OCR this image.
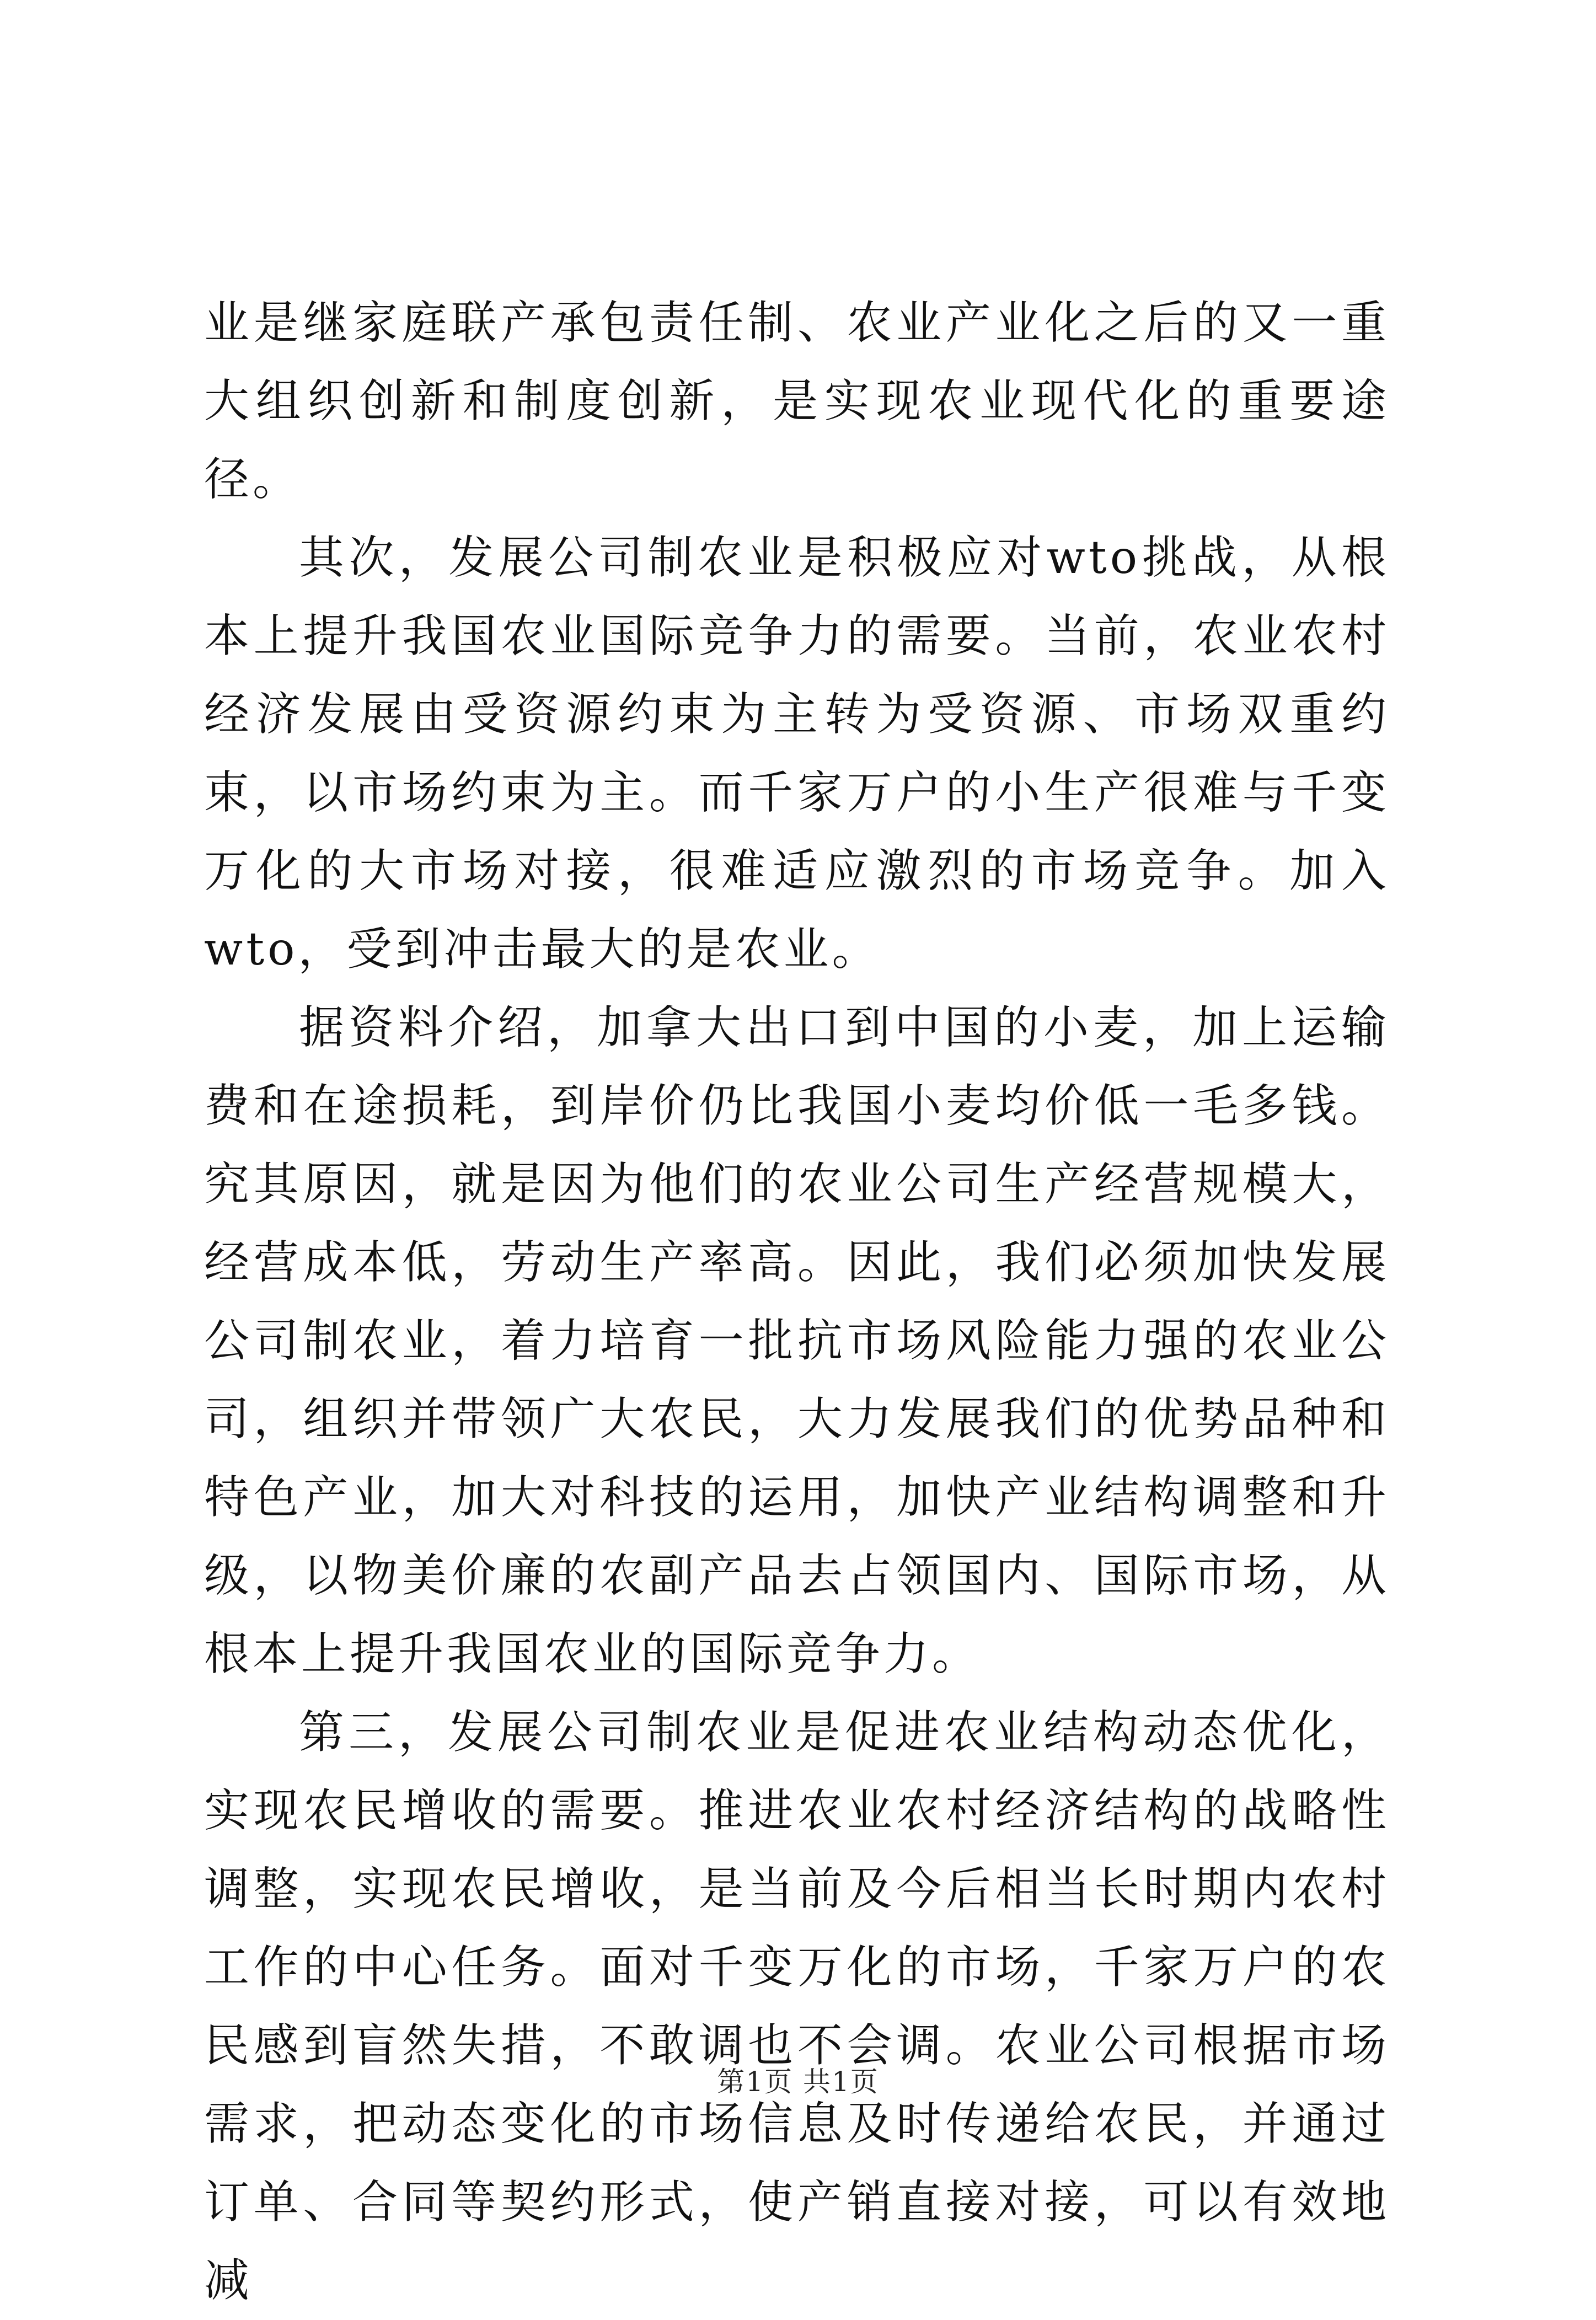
业是继家庭联产承包责任制、农业产业化之后的又一重大组织创新和制度创新，是实现农业现代化的重要途径。

其次，发展公司制农业是积极应对wto挑战，从根本上提升我国农业国际竞争力的需要。当前，农业农村经济发展由受资源约束为主转为受资源、市场双重约束，以市场约束为主。而千家万户的小生产很难与千变万化的大市场对接，很难适应激烈的市场竞争。加入wto，受到冲击最大的是农业。

据资料介绍，加拿大出口到中国的小麦，加上运输费和在途损耗，到岸价仍比我国小麦均价低一毛多钱。究其原因，就是因为他们的农业公司生产经营规模大，经营成本低，劳动生产率高。因此，我们必须加快发展公司制农业，着力培育一批抗市场风险能力强的农业公司，组织并带领广大农民，大力发展我们的优势品种和特色产业，加大对科技的运用，加快产业结构调整和升级，以物美价廉的农副产品去占领国内、国际市场，从根本上提升我国农业的国际竞争力。

第三，发展公司制农业是促进农业结构动态优化，实现农民增收的需要。推进农业农村经济结构的战略性调整，实现农民增收，是当前及今后相当长时期内农村工作的中心任务。面对千变万化的市场，千家万户的农民感到盲然失措，不敢调也不会调。农业公司根据市场需求，把动态变化的市场信息及时传递给农民，并通过订单、合同等契约形式，使产销直接对接，可以有效地减

第1页 共1页
